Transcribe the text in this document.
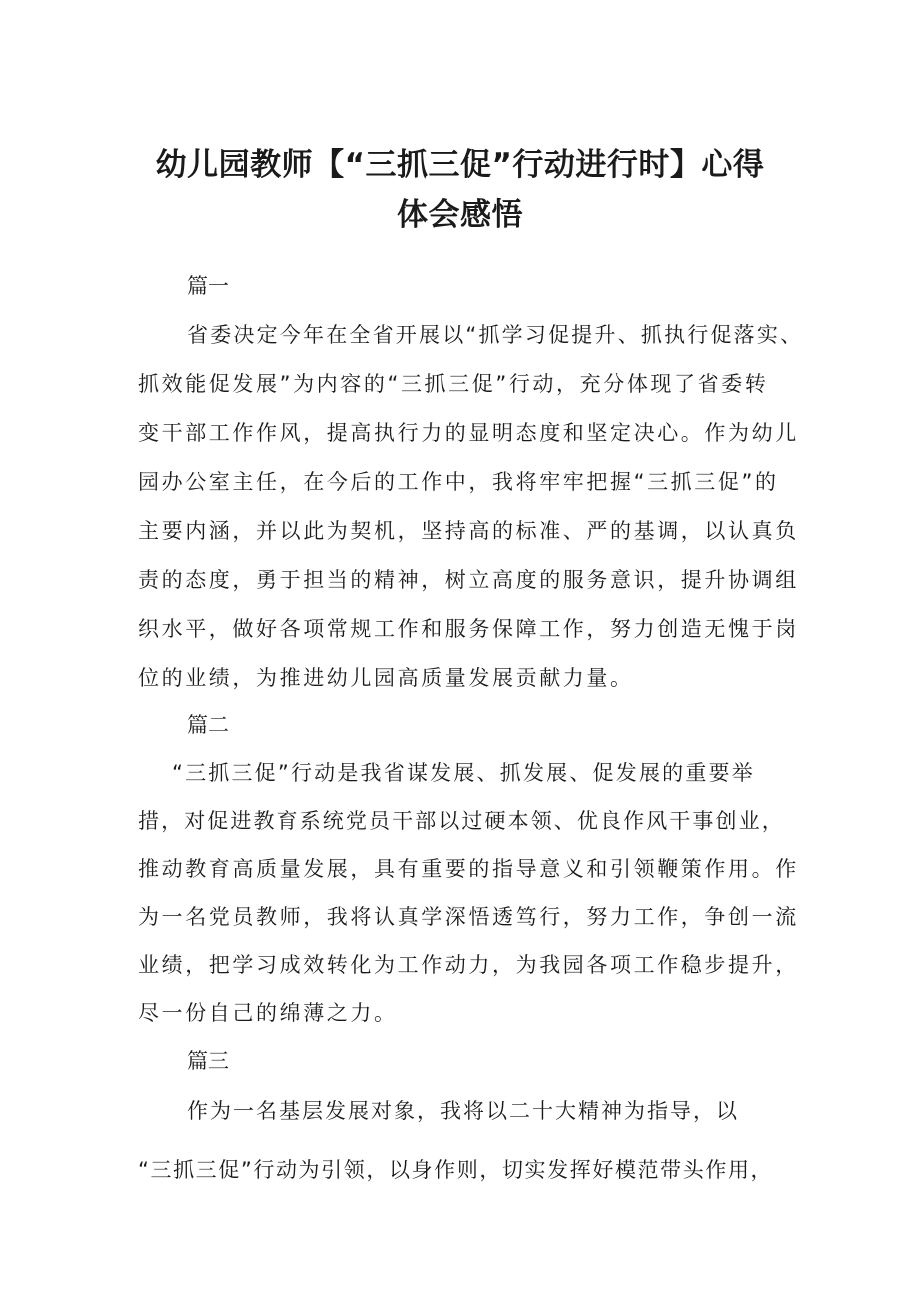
幼儿园教师【“三抓三促”行动进行时】心得
体会感悟
篇一
省委决定今年在全省开展以“抓学习促提升、抓执行促落实、
抓效能促发展”为内容的“三抓三促”行动，充分体现了省委转
变干部工作作风，提高执行力的显明态度和坚定决心。作为幼儿
园办公室主任，在今后的工作中，我将牢牢把握“三抓三促”的
主要内涵，并以此为契机，坚持高的标准、严的基调，以认真负
责的态度，勇于担当的精神，树立高度的服务意识，提升协调组
织水平，做好各项常规工作和服务保障工作，努力创造无愧于岗
位的业绩，为推进幼儿园高质量发展贡献力量。
篇二
“三抓三促”行动是我省谋发展、抓发展、促发展的重要举
措，对促进教育系统党员干部以过硬本领、优良作风干事创业，
推动教育高质量发展，具有重要的指导意义和引领鞭策作用。作
为一名党员教师，我将认真学深悟透笃行，努力工作，争创一流
业绩，把学习成效转化为工作动力，为我园各项工作稳步提升，
尽一份自己的绵薄之力。
篇三
作为一名基层发展对象，我将以二十大精神为指导，以
“三抓三促”行动为引领，以身作则，切实发挥好模范带头作用，
